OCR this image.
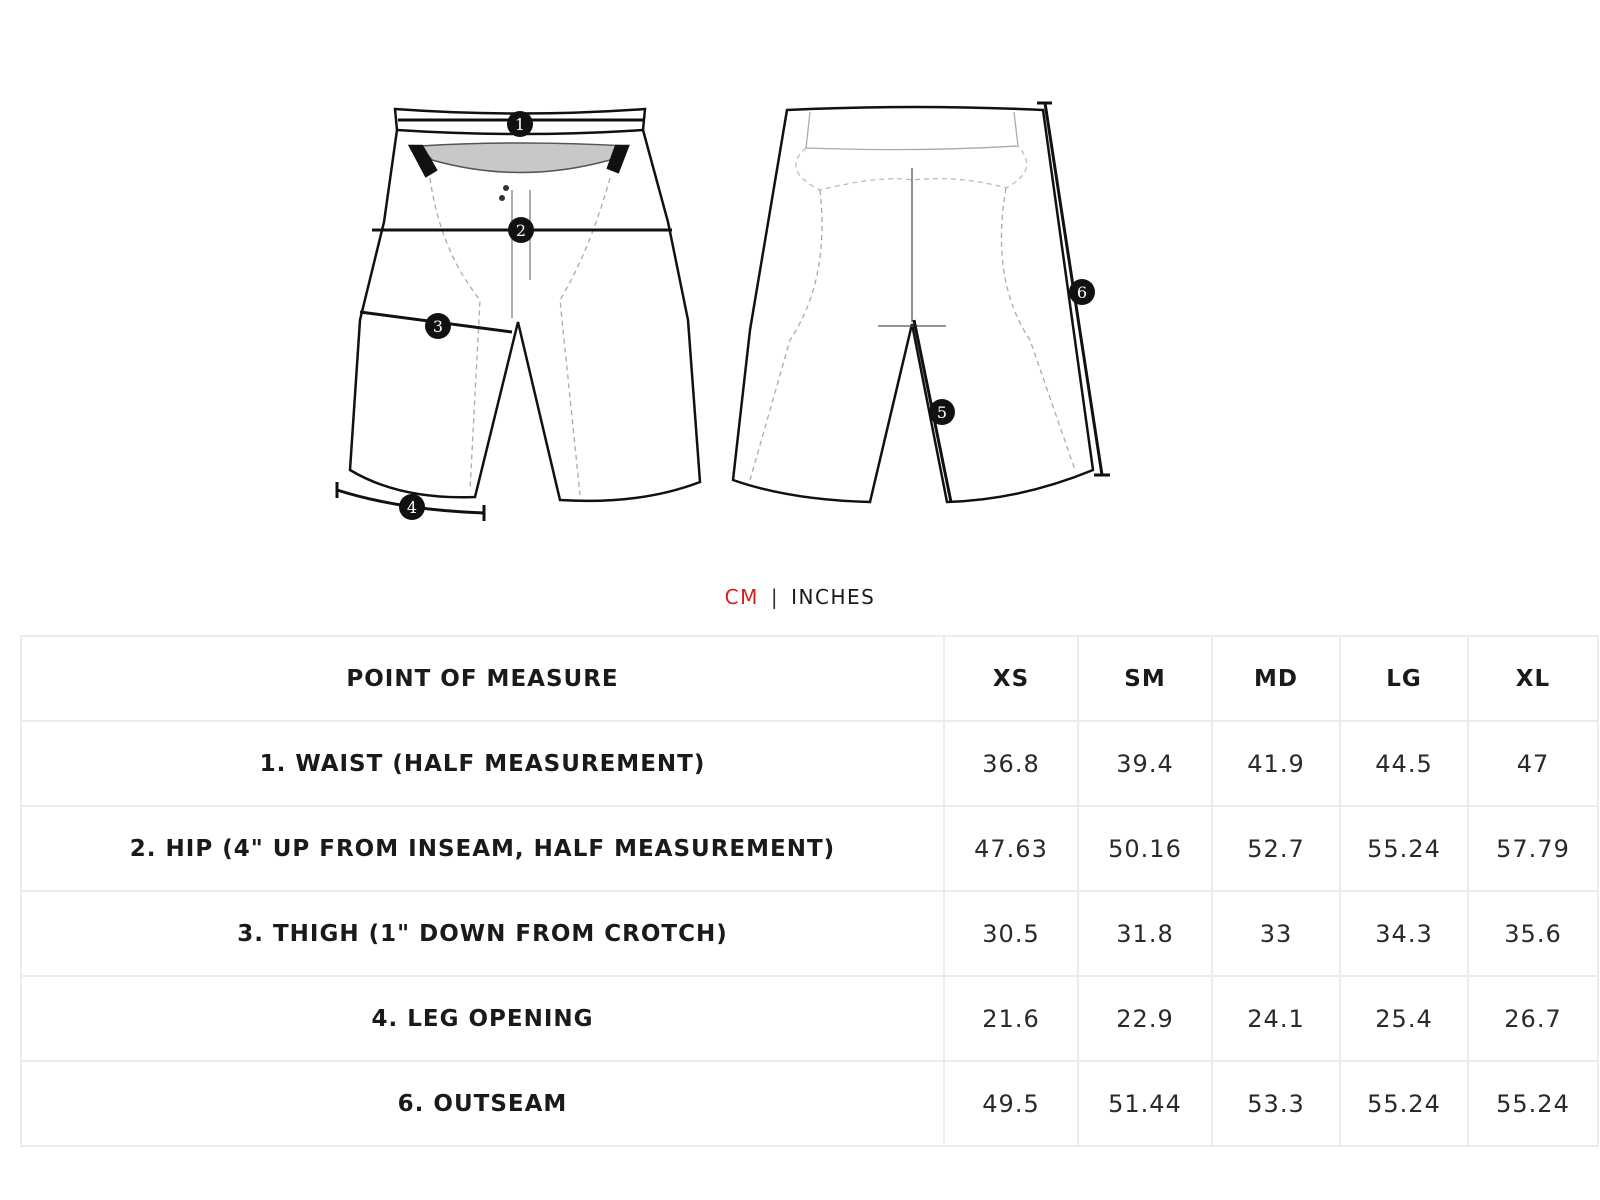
1
2
3
4
5
6
CM | INCHES
POINT OF MEASURE	XS	SM	MD	LG	XL
1. WAIST (HALF MEASUREMENT)	36.8	39.4	41.9	44.5	47
2. HIP (4" UP FROM INSEAM, HALF MEASUREMENT)	47.63	50.16	52.7	55.24	57.79
3. THIGH (1" DOWN FROM CROTCH)	30.5	31.8	33	34.3	35.6
4. LEG OPENING	21.6	22.9	24.1	25.4	26.7
6. OUTSEAM	49.5	51.44	53.3	55.24	55.24
